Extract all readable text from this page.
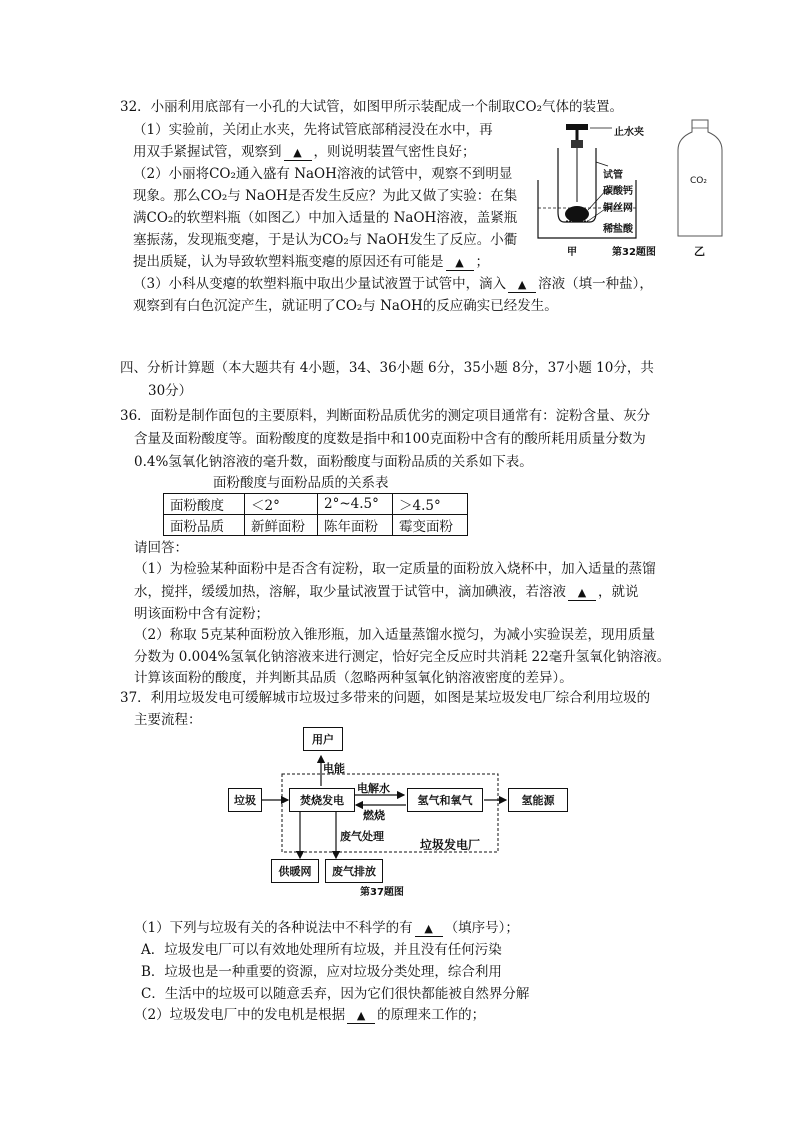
32．小丽利用底部有一小孔的大试管，如图甲所示装配成一个制取CO₂气体的装置。
（1）实验前，关闭止水夹，先将试管底部稍浸没在水中，再
用双手紧握试管，观察到 ▲ ，则说明装置气密性良好；
（2）小丽将CO₂通入盛有 NaOH溶液的试管中，观察不到明显
现象。那么CO₂与 NaOH是否发生反应？为此又做了实验：在集
满CO₂的软塑料瓶（如图乙）中加入适量的 NaOH溶液，盖紧瓶
塞振荡，发现瓶变瘪，于是认为CO₂与 NaOH发生了反应。小衢
提出质疑，认为导致软塑料瓶变瘪的原因还有可能是 ▲ ；
（3）小科从变瘪的软塑料瓶中取出少量试液置于试管中，滴入 ▲ 溶液（填一种盐），
观察到有白色沉淀产生，就证明了CO₂与 NaOH的反应确实已经发生。
止水夹
试管
碳酸钙
铜丝网
稀盐酸
甲	第32题图
CO₂
乙
四、分析计算题（本大题共有 4小题，34、36小题 6分，35小题 8分，37小题 10分，共
30分）
36．面粉是制作面包的主要原料，判断面粉品质优劣的测定项目通常有：淀粉含量、灰分
含量及面粉酸度等。面粉酸度的度数是指中和100克面粉中含有的酸所耗用质量分数为
0.4%氢氧化钠溶液的毫升数，面粉酸度与面粉品质的关系如下表。
面粉酸度与面粉品质的关系表
面粉酸度	＜2°	2°~4.5°	＞4.5°
面粉品质	新鲜面粉	陈年面粉	霉变面粉
请回答：
（1）为检验某种面粉中是否含有淀粉，取一定质量的面粉放入烧杯中，加入适量的蒸馏
水，搅拌，缓缓加热，溶解，取少量试液置于试管中，滴加碘液，若溶液 ▲ ，就说
明该面粉中含有淀粉；
（2）称取 5克某种面粉放入锥形瓶，加入适量蒸馏水搅匀，为减小实验误差，现用质量
分数为 0.004%氢氧化钠溶液来进行测定，恰好完全反应时共消耗 22毫升氢氧化钠溶液。
计算该面粉的酸度，并判断其品质（忽略两种氢氧化钠溶液密度的差异）。
37．利用垃圾发电可缓解城市垃圾过多带来的问题，如图是某垃圾发电厂综合利用垃圾的
主要流程：
用户
垃圾	焚烧发电	氢气和氧气	氢能源
供暖网	废气排放
电能
电解水
燃烧
废气处理
垃圾发电厂
第37题图
（1）下列与垃圾有关的各种说法中不科学的有 ▲ （填序号）；
A．垃圾发电厂可以有效地处理所有垃圾，并且没有任何污染
B．垃圾也是一种重要的资源，应对垃圾分类处理，综合利用
C．生活中的垃圾可以随意丢弃，因为它们很快都能被自然界分解
（2）垃圾发电厂中的发电机是根据 ▲ 的原理来工作的；
